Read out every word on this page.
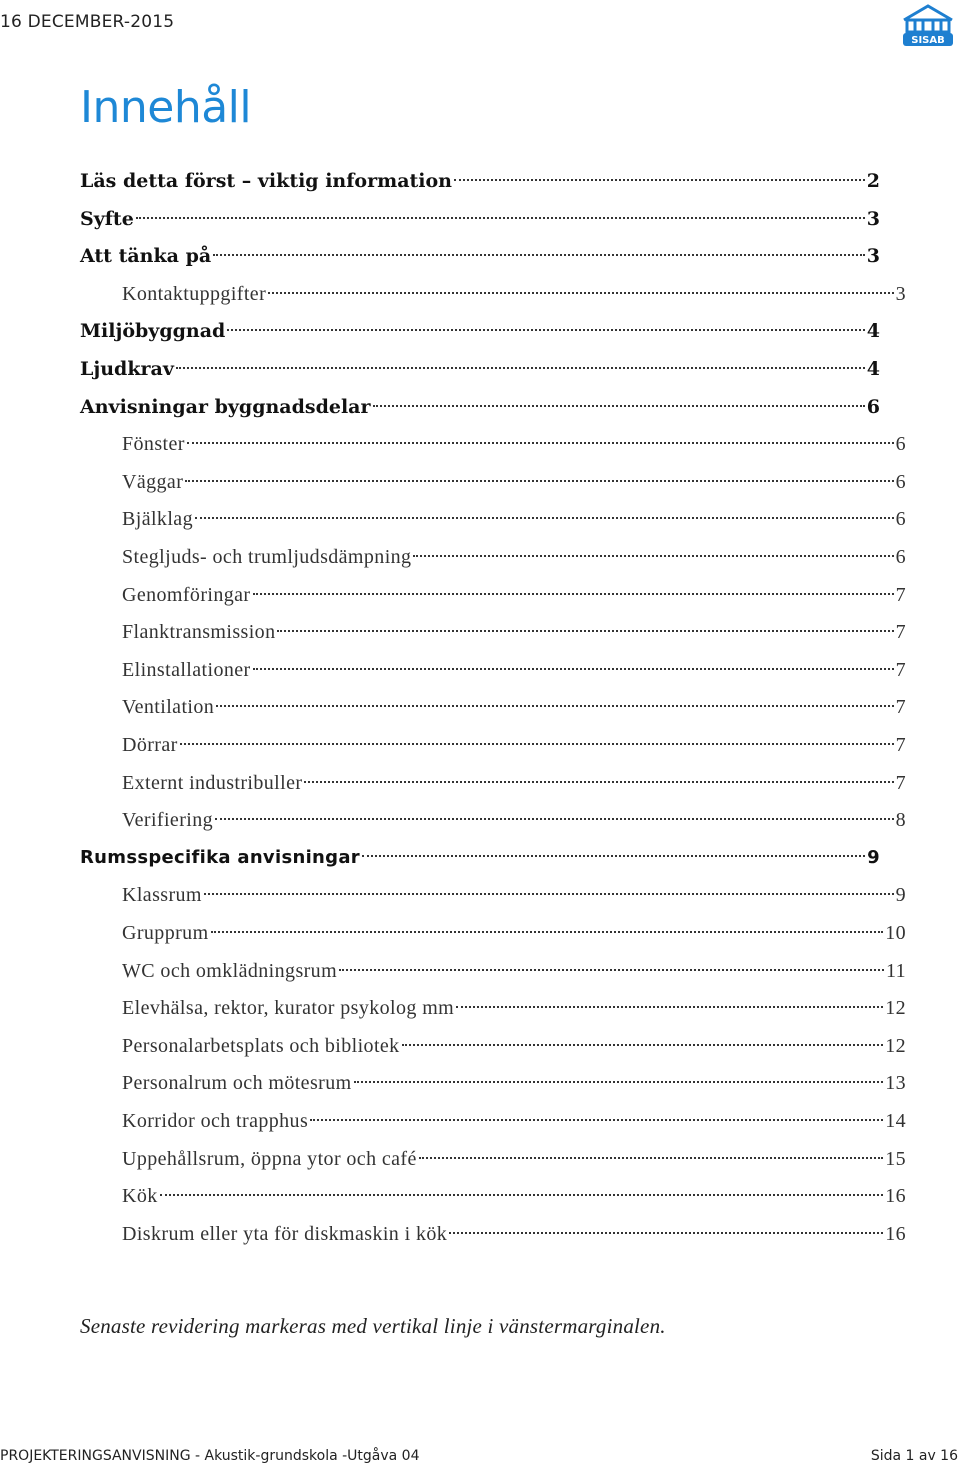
16 DECEMBER-2015
SISAB
Innehåll
Läs detta först – viktig information	2
Syfte	3
Att tänka på	3
Kontaktuppgifter	3
Miljöbyggnad	4
Ljudkrav	4
Anvisningar byggnadsdelar	6
Fönster	6
Väggar	6
Bjälklag	6
Stegljuds- och trumljudsdämpning	6
Genomföringar	7
Flanktransmission	7
Elinstallationer	7
Ventilation	7
Dörrar	7
Externt industribuller	7
Verifiering	8
Rumsspecifika anvisningar	9
Klassrum	9
Grupprum	10
WC och omklädningsrum	11
Elevhälsa, rektor, kurator psykolog mm	12
Personalarbetsplats och bibliotek	12
Personalrum och mötesrum	13
Korridor och trapphus	14
Uppehållsrum, öppna ytor och café	15
Kök	16
Diskrum eller yta för diskmaskin i kök	16
Senaste revidering markeras med vertikal linje i vänstermarginalen.
PROJEKTERINGSANVISNING - Akustik-grundskola -Utgåva 04	Sida 1 av 16
